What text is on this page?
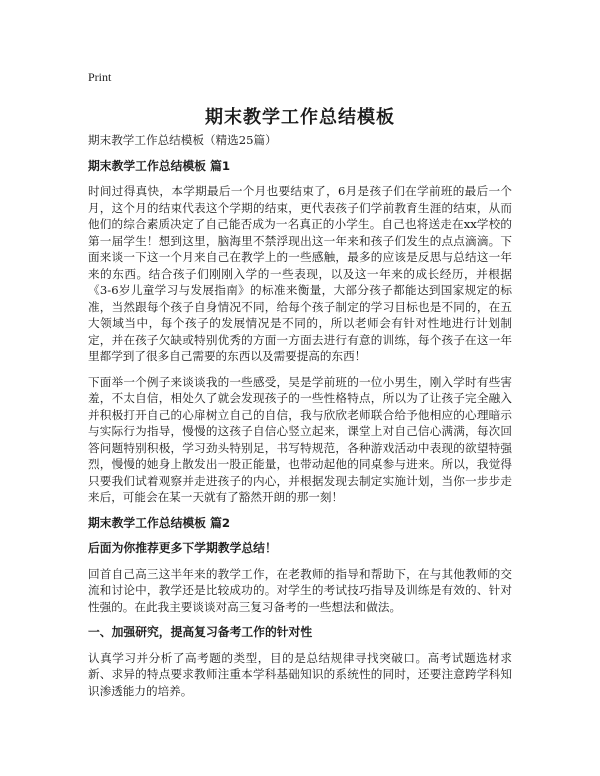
Print
期末教学工作总结模板
期末教学工作总结模板（精选25篇）
期末教学工作总结模板 篇1
时间过得真快，本学期最后一个月也要结束了，6月是孩子们在学前班的最后一个月，这个月的结束代表这个学期的结束，更代表孩子们学前教育生涯的结束，从而他们的综合素质决定了自己能否成为一名真正的小学生。自己也将送走在xx学校的第一届学生！想到这里，脑海里不禁浮现出这一年来和孩子们发生的点点滴滴。下面来谈一下这一个月来自己在教学上的一些感触，最多的应该是反思与总结这一年来的东西。结合孩子们刚刚入学的一些表现，以及这一年来的成长经历，并根据《3-6岁儿童学习与发展指南》的标准来衡量，大部分孩子都能达到国家规定的标准，当然跟每个孩子自身情况不同，给每个孩子制定的学习目标也是不同的，在五大领域当中，每个孩子的发展情况是不同的，所以老师会有针对性地进行计划制定，并在孩子欠缺或特别优秀的方面一方面去进行有意的训练，每个孩子在这一年里都学到了很多自己需要的东西以及需要提高的东西！
下面举一个例子来谈谈我的一些感受，吴是学前班的一位小男生，刚入学时有些害羞，不太自信，相处久了就会发现孩子的一些性格特点，所以为了让孩子完全融入并积极打开自己的心扉树立自己的自信，我与欣欣老师联合给予他相应的心理暗示与实际行为指导，慢慢的这孩子自信心竖立起来，课堂上对自己信心满满，每次回答问题特别积极，学习劲头特别足，书写特规范，各种游戏活动中表现的欲望特强烈，慢慢的她身上散发出一股正能量，也带动起他的同桌参与进来。所以，我觉得只要我们试着观察并走进孩子的内心，并根据发现去制定实施计划，当你一步步走来后，可能会在某一天就有了豁然开朗的那一刻！
期末教学工作总结模板 篇2
后面为你推荐更多下学期教学总结！
回首自己高三这半年来的教学工作，在老教师的指导和帮助下，在与其他教师的交流和讨论中，教学还是比较成功的。对学生的考试技巧指导及训练是有效的、针对性强的。在此我主要谈谈对高三复习备考的一些想法和做法。
一、加强研究，提高复习备考工作的针对性
认真学习并分析了高考题的类型，目的是总结规律寻找突破口。高考试题选材求新、求异的特点要求教师注重本学科基础知识的系统性的同时，还要注意跨学科知识渗透能力的培养。
